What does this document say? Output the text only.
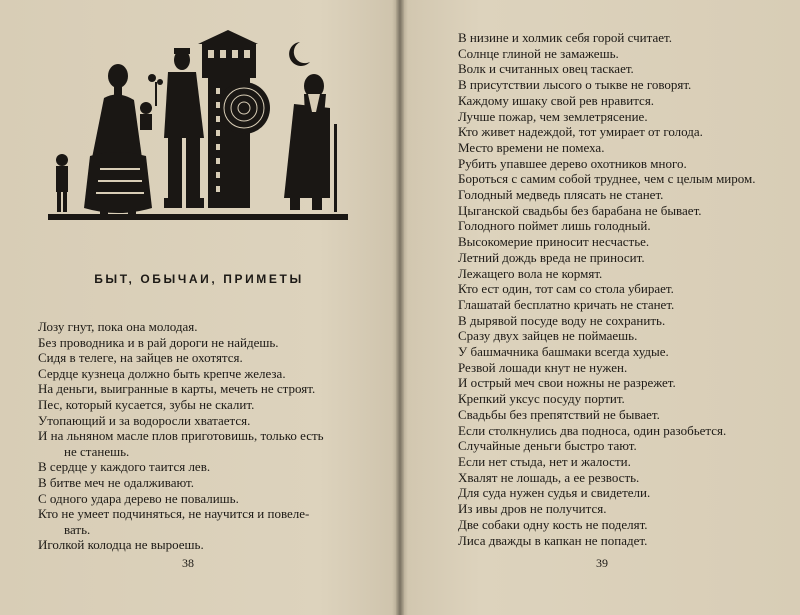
БЫТ, ОБЫЧАИ, ПРИМЕТЫ
Лозу гнут, пока она молодая.
Без проводника и в рай дороги не найдешь.
Сидя в телеге, на зайцев не охотятся.
Сердце кузнеца должно быть крепче железа.
На деньги, выигранные в карты, мечеть не строят.
Пес, который кусается, зубы не скалит.
Утопающий и за водоросли хватается.
И на льняном масле плов приготовишь, только есть
не станешь.
В сердце у каждого таится лев.
В битве меч не одалживают.
С одного удара дерево не повалишь.
Кто не умеет подчиняться, не научится и повеле-
вать.
Иголкой колодца не выроешь.
38
В низине и холмик себя горой считает.
Солнце глиной не замажешь.
Волк и считанных овец таскает.
В присутствии лысого о тыкве не говорят.
Каждому ишаку свой рев нравится.
Лучше пожар, чем землетрясение.
Кто живет надеждой, тот умирает от голода.
Место времени не помеха.
Рубить упавшее дерево охотников много.
Бороться с самим собой труднее, чем с целым миром.
Голодный медведь плясать не станет.
Цыганской свадьбы без барабана не бывает.
Голодного поймет лишь голодный.
Высокомерие приносит несчастье.
Летний дождь вреда не приносит.
Лежащего вола не кормят.
Кто ест один, тот сам со стола убирает.
Глашатай бесплатно кричать не станет.
В дырявой посуде воду не сохранить.
Сразу двух зайцев не поймаешь.
У башмачника башмаки всегда худые.
Резвой лошади кнут не нужен.
И острый меч свои ножны не разрежет.
Крепкий уксус посуду портит.
Свадьбы без препятствий не бывает.
Если столкнулись два подноса, один разобьется.
Случайные деньги быстро тают.
Если нет стыда, нет и жалости.
Хвалят не лошадь, а ее резвость.
Для суда нужен судья и свидетели.
Из ивы дров не получится.
Две собаки одну кость не поделят.
Лиса дважды в капкан не попадет.
39
